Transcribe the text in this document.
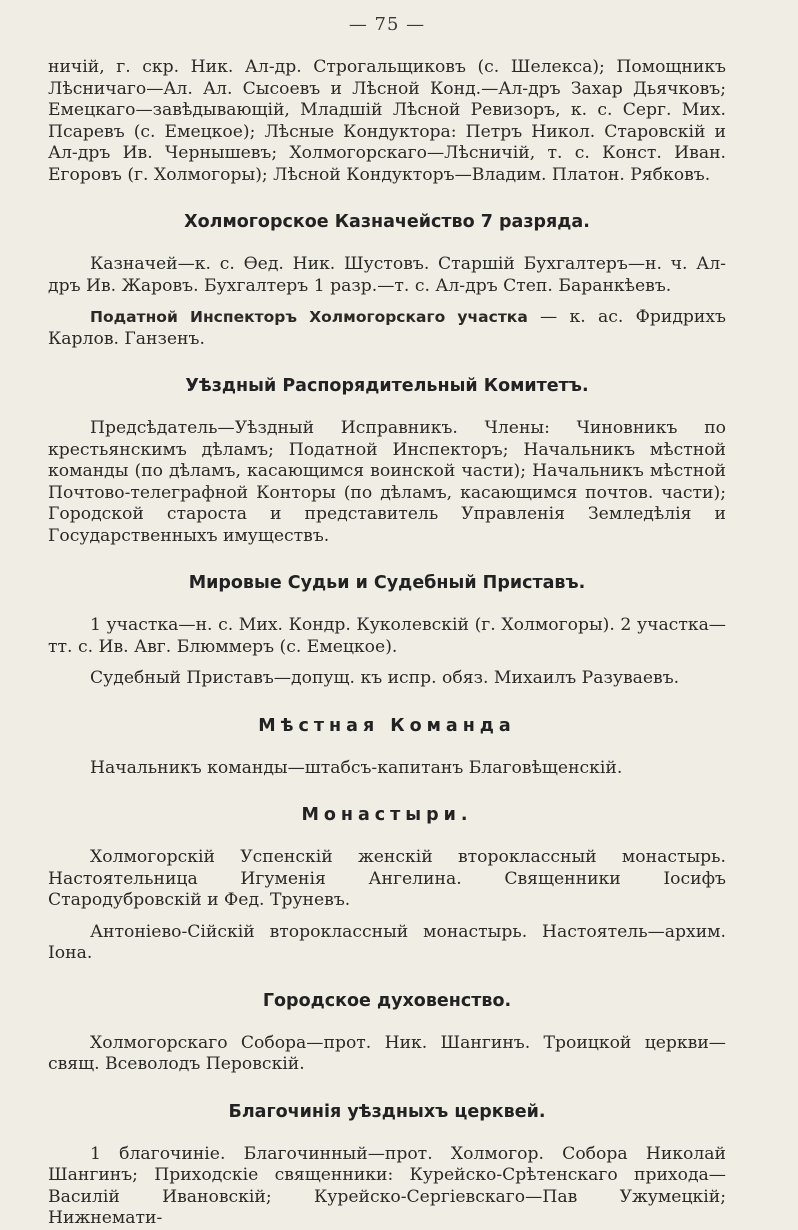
— 75 —

ничій, г. скр. Ник. Ал-др. Строгальщиковъ (с. Шелекса); Помощникъ Лѣсничаго—Ал. Ал. Сысоевъ и Лѣсной Конд.—Ал-дръ Захар Дьячковъ; Емецкаго—завѣдывающій, Младшій Лѣсной Ревизоръ, к. с. Серг. Мих. Псаревъ (с. Емецкое); Лѣсные Кондуктора: Петръ Никол. Старовскій и Ал-дръ Ив. Чернышевъ; Холмогорскаго—Лѣсничій, т. с. Конст. Иван. Егоровъ (г. Холмогоры); Лѣсной Кондукторъ—Владим. Платон. Рябковъ.

Холмогорское Казначейство 7 разряда.

Казначей—к. с. Ѳед. Ник. Шустовъ. Старшій Бухгалтеръ—н. ч. Ал-дръ Ив. Жаровъ. Бухгалтеръ 1 разр.—т. с. Ал-дръ Степ. Баранкѣевъ.

Податной Инспекторъ Холмогорскаго участка — к. ас. Фридрихъ Карлов. Ганзенъ.

Уѣздный Распорядительный Комитетъ.

Предсѣдатель—Уѣздный Исправникъ. Члены: Чиновникъ по крестьянскимъ дѣламъ; Податной Инспекторъ; Начальникъ мѣстной команды (по дѣламъ, касающимся воинской части); Начальникъ мѣстной Почтово-телеграфной Конторы (по дѣламъ, касающимся почтов. части); Городской староста и представитель Управленія Земледѣлія и Государственныхъ имуществъ.

Мировые Судьи и Судебный Приставъ.

1 участка—н. с. Мих. Кондр. Куколевскій (г. Холмогоры). 2 участка—тт. с. Ив. Авг. Блюммеръ (с. Емецкое).

Судебный Приставъ—допущ. къ испр. обяз. Михаилъ Разуваевъ.

Мѣстная Команда

Начальникъ команды—штабсъ-капитанъ Благовѣщенскій.

Монастыри.

Холмогорскій Успенскій женскій второклассный монастырь. Настоятельница Игуменія Ангелина. Священники Іосифъ Стародубровскій и Фед. Труневъ.

Антоніево-Сійскій второклассный монастырь. Настоятель—архим. Іона.

Городское духовенство.

Холмогорскаго Собора—прот. Ник. Шангинъ. Троицкой церкви—свящ. Всеволодъ Перовскій.

Благочинія уѣздныхъ церквей.

1 благочиніе. Благочинный—прот. Холмогор. Собора Николай Шангинъ; Приходскіе священники: Курейско-Срѣтенскаго прихода—Василій Ивановскій; Курейско-Сергіевскаго—Пав Ужумецкій; Нижнемати-
